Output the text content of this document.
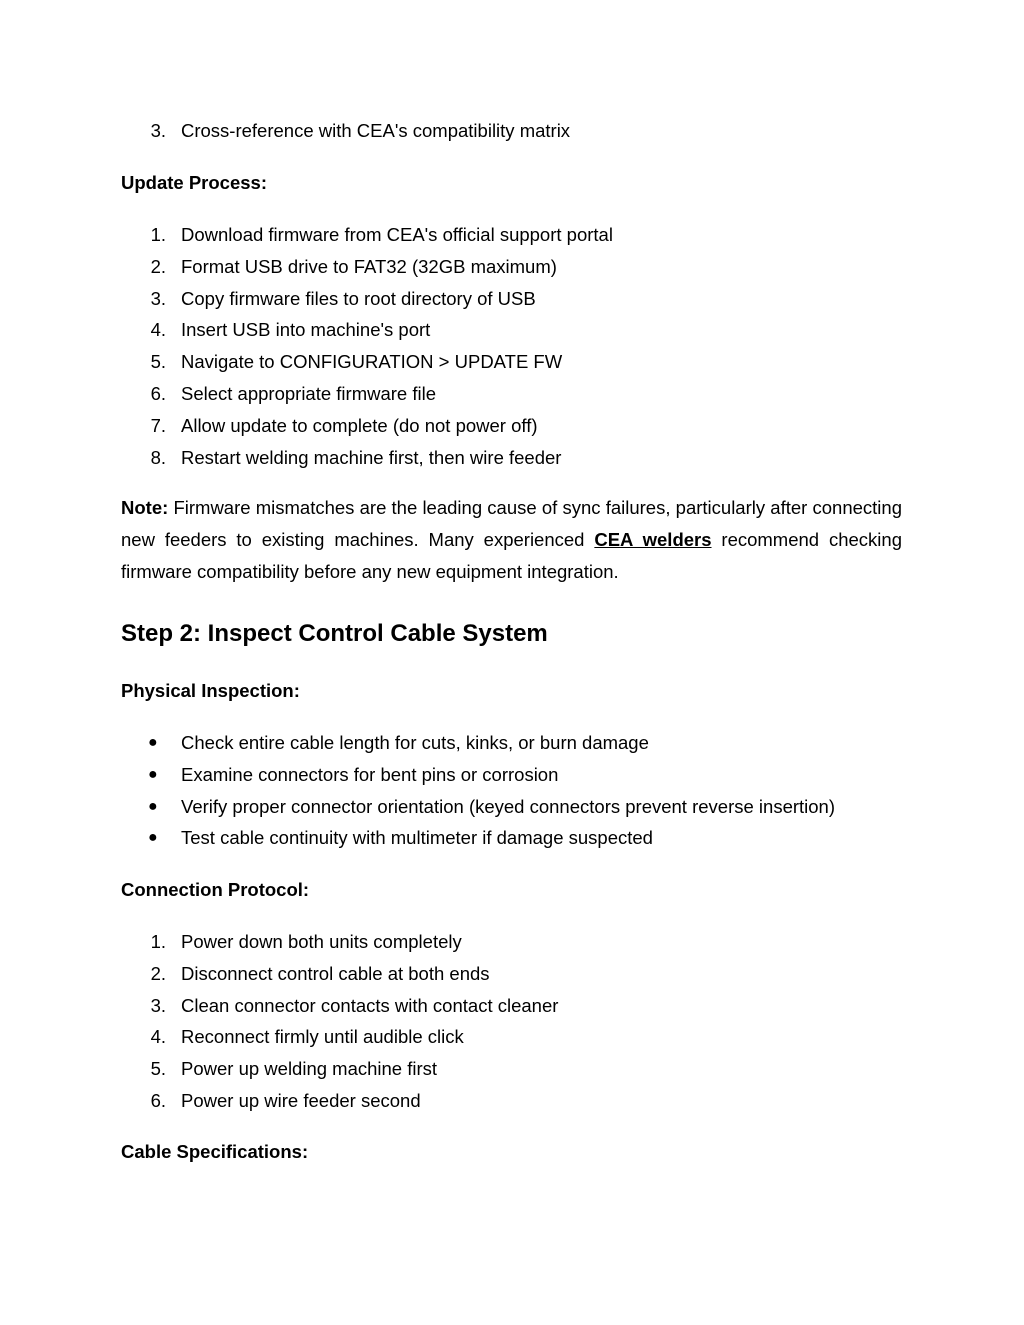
3. Cross-reference with CEA's compatibility matrix
Update Process:
1. Download firmware from CEA's official support portal
2. Format USB drive to FAT32 (32GB maximum)
3. Copy firmware files to root directory of USB
4. Insert USB into machine's port
5. Navigate to CONFIGURATION > UPDATE FW
6. Select appropriate firmware file
7. Allow update to complete (do not power off)
8. Restart welding machine first, then wire feeder

Note: Firmware mismatches are the leading cause of sync failures, particularly after connecting new feeders to existing machines. Many experienced CEA welders recommend checking firmware compatibility before any new equipment integration.

Step 2: Inspect Control Cable System
Physical Inspection:
● Check entire cable length for cuts, kinks, or burn damage
● Examine connectors for bent pins or corrosion
● Verify proper connector orientation (keyed connectors prevent reverse insertion)
● Test cable continuity with multimeter if damage suspected
Connection Protocol:
1. Power down both units completely
2. Disconnect control cable at both ends
3. Clean connector contacts with contact cleaner
4. Reconnect firmly until audible click
5. Power up welding machine first
6. Power up wire feeder second
Cable Specifications:
